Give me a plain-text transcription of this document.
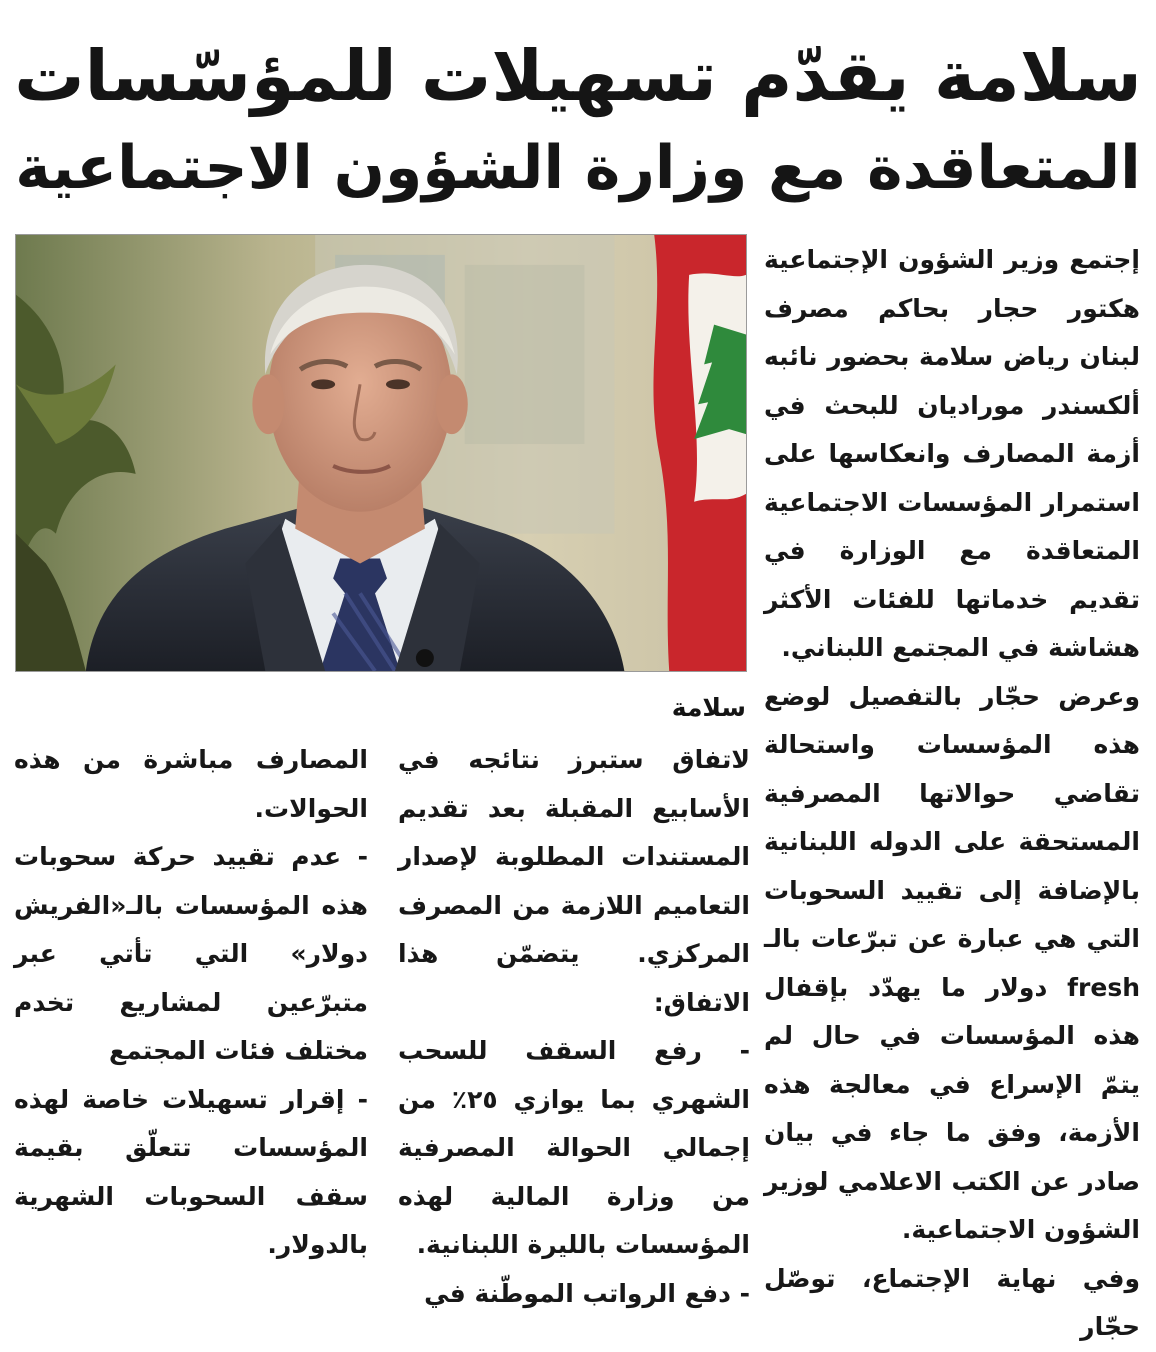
سلامة يقدّم تسهيلات للمؤسّسات
المتعاقدة مع وزارة الشؤون الاجتماعية
سلامة

إجتمع وزير الشؤون الإجتماعية هكتور حجار بحاكم مصرف لبنان رياض سلامة بحضور نائبه ألكسندر موراديان للبحث في أزمة المصارف وانعكاسها على استمرار المؤسسات الاجتماعية المتعاقدة مع الوزارة في تقديم خدماتها للفئات الأكثر هشاشة في المجتمع اللبناني.

وعرض حجّار بالتفصيل لوضع هذه المؤسسات واستحالة تقاضي حوالاتها المصرفية المستحقة على الدوله اللبنانية بالإضافة إلى تقييد السحوبات التي هي عبارة عن تبرّعات بالـ fresh دولار ما يهدّد بإقفال هذه المؤسسات في حال لم يتمّ الإسراع في معالجة هذه الأزمة، وفق ما جاء في بيان صادر عن الكتب الاعلامي لوزير الشؤون الاجتماعية.

وفي نهاية الإجتماع، توصّل حجّار

لاتفاق ستبرز نتائجه في الأسابيع المقبلة بعد تقديم المستندات المطلوبة لإصدار التعاميم اللازمة من المصرف المركزي. يتضمّن هذا الاتفاق:

- رفع السقف للسحب الشهري بما يوازي ٢٥٪ من إجمالي الحوالة المصرفية من وزارة المالية لهذه المؤسسات بالليرة اللبنانية.

- دفع الرواتب الموطّنة في

المصارف مباشرة من هذه الحوالات.

- عدم تقييد حركة سحوبات هذه المؤسسات بالـ«الفريش دولار» التي تأتي عبر متبرّعين لمشاريع تخدم مختلف فئات المجتمع

- إقرار تسهيلات خاصة لهذه المؤسسات تتعلّق بقيمة سقف السحوبات الشهرية بالدولار.
